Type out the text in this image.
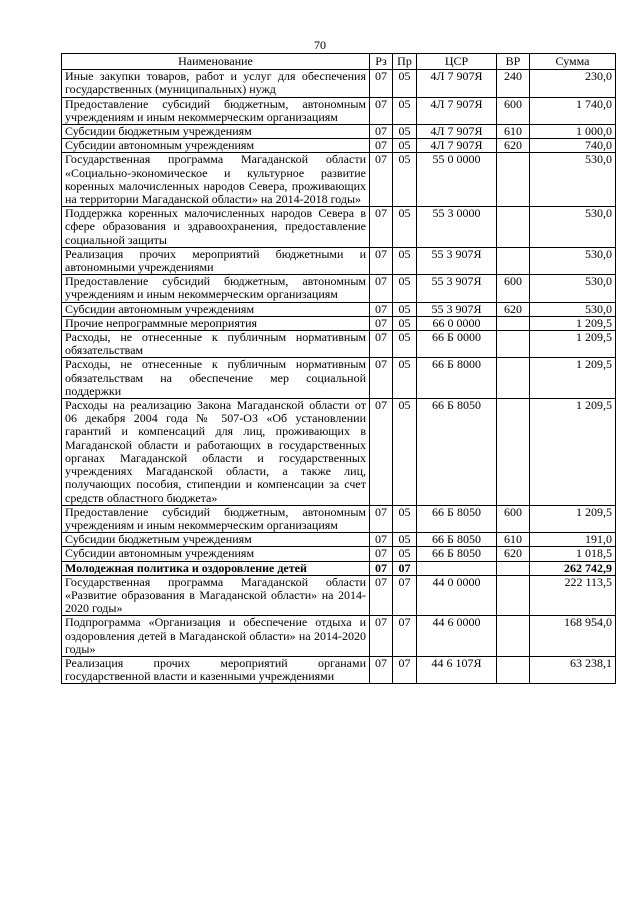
70
Наименование	Рз	Пр	ЦСР	ВР	Сумма
Иные закупки товаров, работ и услуг для обеспечения государственных (муниципальных) нужд	07	05	4Л 7 907Я	240	230,0
Предоставление субсидий бюджетным, автономным учреждениям и иным некоммерческим организациям	07	05	4Л 7 907Я	600	1 740,0
Субсидии бюджетным учреждениям	07	05	4Л 7 907Я	610	1 000,0
Субсидии автономным учреждениям	07	05	4Л 7 907Я	620	740,0
Государственная программа Магаданской области «Социально-экономическое и культурное развитие коренных малочисленных народов Севера, проживающих на территории Магаданской области» на 2014-2018 годы»	07	05	55 0 0000		530,0
Поддержка коренных малочисленных народов Севера в сфере образования и здравоохранения, предоставление социальной защиты	07	05	55 3 0000		530,0
Реализация прочих мероприятий бюджетными и автономными учреждениями	07	05	55 3 907Я		530,0
Предоставление субсидий бюджетным, автономным учреждениям и иным некоммерческим организациям	07	05	55 3 907Я	600	530,0
Субсидии автономным учреждениям	07	05	55 3 907Я	620	530,0
Прочие непрограммные мероприятия	07	05	66 0 0000		1 209,5
Расходы, не отнесенные к публичным нормативным обязательствам	07	05	66 Б 0000		1 209,5
Расходы, не отнесенные к публичным нормативным обязательствам на обеспечение мер социальной поддержки	07	05	66 Б 8000		1 209,5
Расходы на реализацию Закона Магаданской области от 06 декабря 2004 года № 507-ОЗ «Об установлении гарантий и компенсаций для лиц, проживающих в Магаданской области и работающих в государственных органах Магаданской области и государственных учреждениях Магаданской области, а также лиц, получающих пособия, стипендии и компенсации за счет средств областного бюджета»	07	05	66 Б 8050		1 209,5
Предоставление субсидий бюджетным, автономным учреждениям и иным некоммерческим организациям	07	05	66 Б 8050	600	1 209,5
Субсидии бюджетным учреждениям	07	05	66 Б 8050	610	191,0
Субсидии автономным учреждениям	07	05	66 Б 8050	620	1 018,5
Молодежная политика и оздоровление детей	07	07			262 742,9
Государственная программа Магаданской области «Развитие образования в Магаданской области» на 2014-2020 годы»	07	07	44 0 0000		222 113,5
Подпрограмма «Организация и обеспечение отдыха и оздоровления детей в Магаданской области» на 2014-2020 годы»	07	07	44 6 0000		168 954,0
Реализация прочих мероприятий органами государственной власти и казенными учреждениями	07	07	44 6 107Я		63 238,1
